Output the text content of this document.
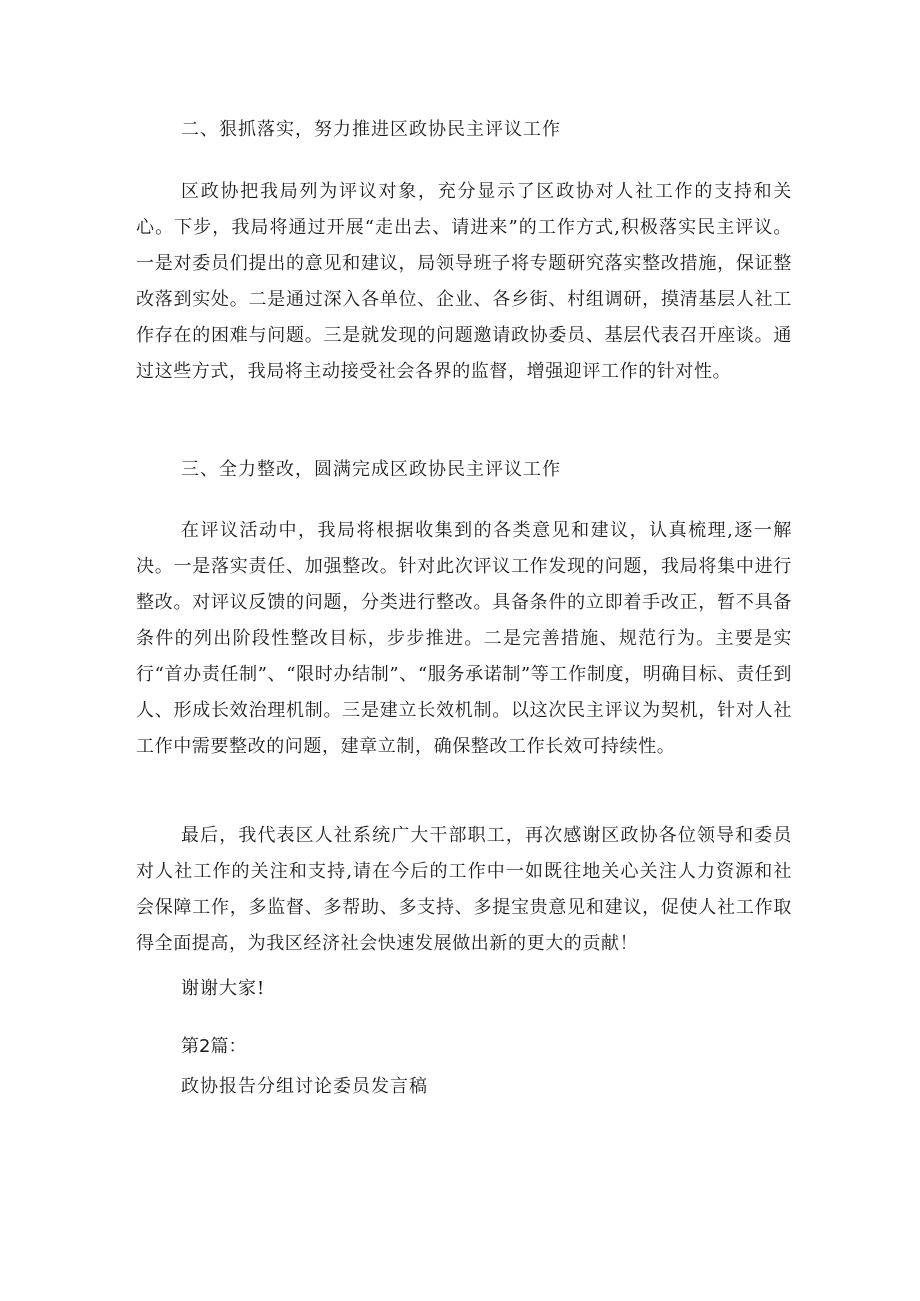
二、狠抓落实，努力推进区政协民主评议工作

区政协把我局列为评议对象，充分显示了区政协对人社工作的支持和关心。下步，我局将通过开展“走出去、请进来”的工作方式,积极落实民主评议。一是对委员们提出的意见和建议，局领导班子将专题研究落实整改措施，保证整改落到实处。二是通过深入各单位、企业、各乡街、村组调研，摸清基层人社工作存在的困难与问题。三是就发现的问题邀请政协委员、基层代表召开座谈。通过这些方式，我局将主动接受社会各界的监督，增强迎评工作的针对性。

三、全力整改，圆满完成区政协民主评议工作

在评议活动中，我局将根据收集到的各类意见和建议，认真梳理,逐一解决。一是落实责任、加强整改。针对此次评议工作发现的问题，我局将集中进行整改。对评议反馈的问题，分类进行整改。具备条件的立即着手改正，暂不具备条件的列出阶段性整改目标，步步推进。二是完善措施、规范行为。主要是实行“首办责任制”、“限时办结制”、“服务承诺制”等工作制度，明确目标、责任到人、形成长效治理机制。三是建立长效机制。以这次民主评议为契机，针对人社工作中需要整改的问题，建章立制，确保整改工作长效可持续性。

最后，我代表区人社系统广大干部职工，再次感谢区政协各位领导和委员对人社工作的关注和支持,请在今后的工作中一如既往地关心关注人力资源和社会保障工作，多监督、多帮助、多支持、多提宝贵意见和建议，促使人社工作取得全面提高，为我区经济社会快速发展做出新的更大的贡献！

谢谢大家!

第2篇：

政协报告分组讨论委员发言稿
